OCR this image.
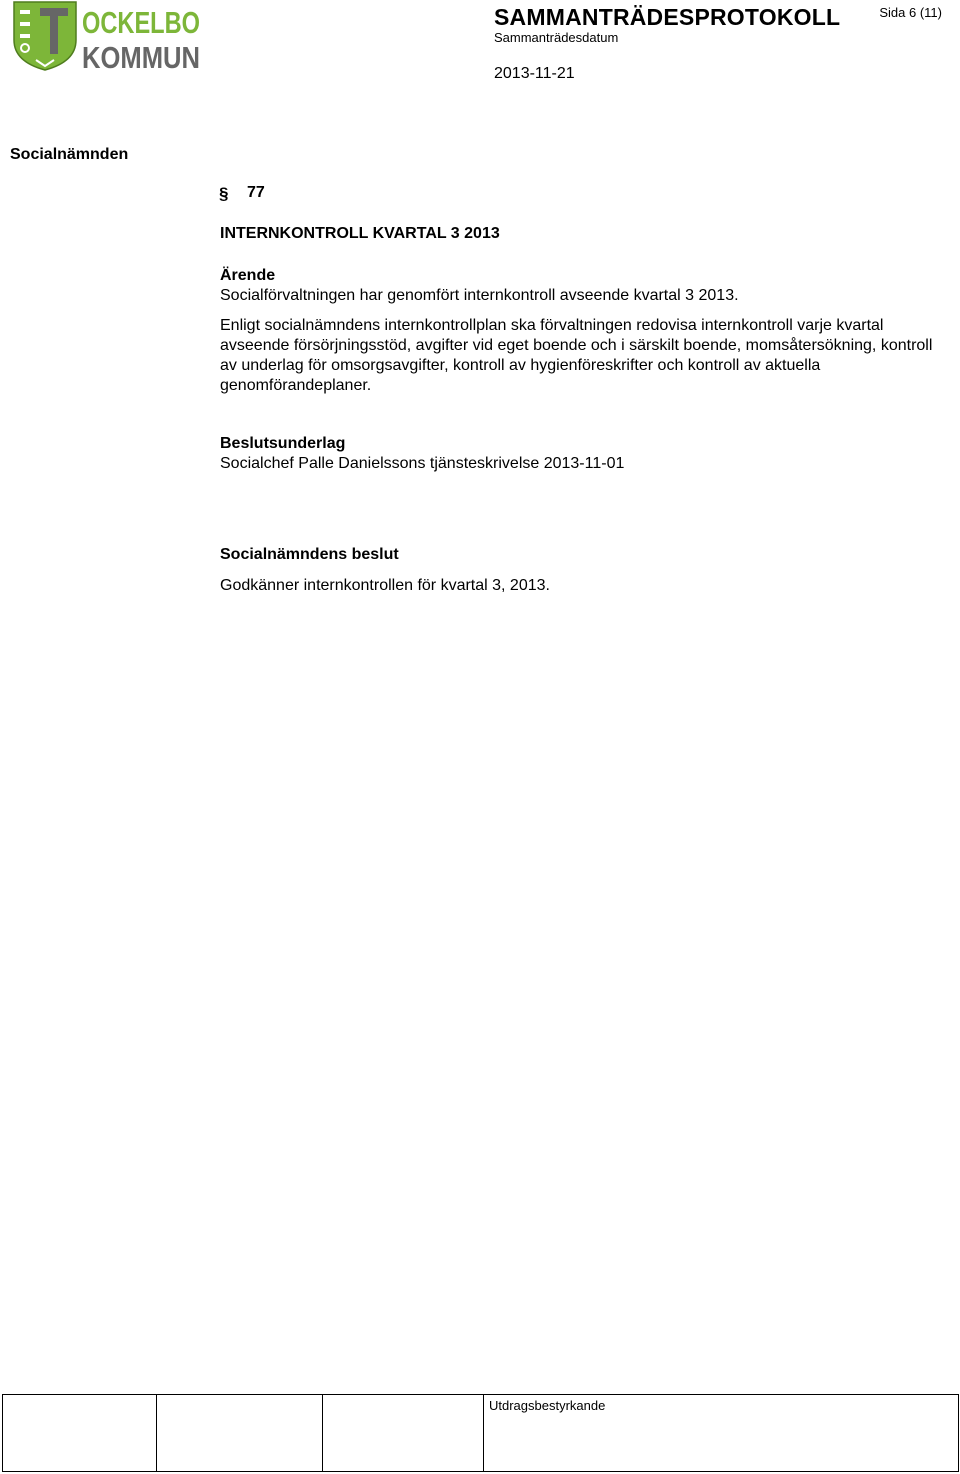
OCKELBO
KOMMUN
SAMMANTRÄDESPROTOKOLL	Sida 6 (11)
Sammanträdesdatum
2013-11-21
Socialnämnden
§ 77
INTERNKONTROLL KVARTAL 3 2013
Ärende
Socialförvaltningen har genomfört internkontroll avseende kvartal 3 2013.
Enligt socialnämndens internkontrollplan ska förvaltningen redovisa internkontroll varje kvartal avseende försörjningsstöd, avgifter vid eget boende och i särskilt boende, momsåtersökning, kontroll av underlag för omsorgsavgifter, kontroll av hygienföreskrifter och kontroll av aktuella genomförandeplaner.
Beslutsunderlag
Socialchef Palle Danielssons tjänsteskrivelse 2013-11-01
Socialnämndens beslut
Godkänner internkontrollen för kvartal 3, 2013.

Utdragsbestyrkande
